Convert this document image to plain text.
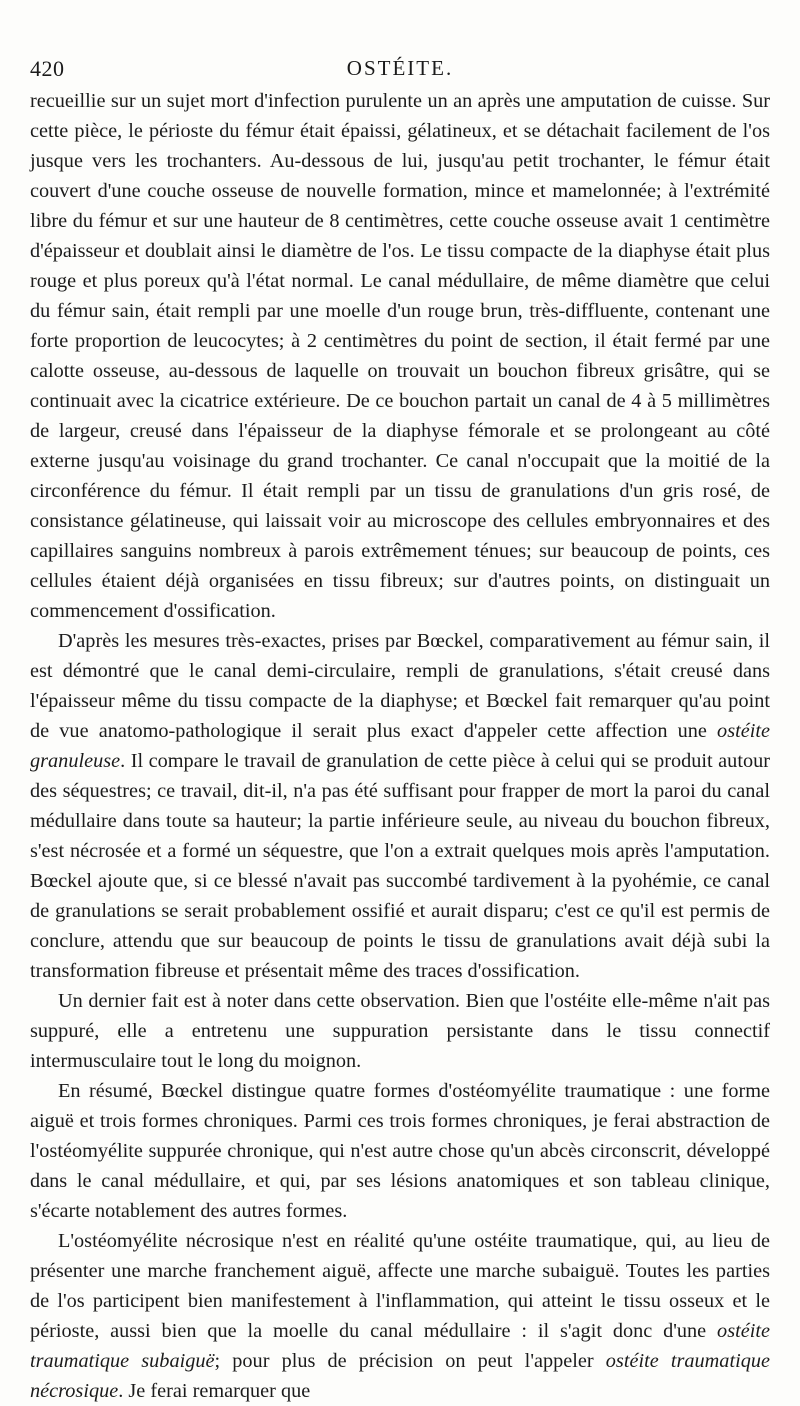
420	OSTÉITE.

recueillie sur un sujet mort d'infection purulente un an après une amputation de cuisse. Sur cette pièce, le périoste du fémur était épaissi, gélatineux, et se détachait facilement de l'os jusque vers les trochanters. Au-dessous de lui, jusqu'au petit trochanter, le fémur était couvert d'une couche osseuse de nouvelle formation, mince et mamelonnée; à l'extrémité libre du fémur et sur une hauteur de 8 centimètres, cette couche osseuse avait 1 centimètre d'épaisseur et doublait ainsi le diamètre de l'os. Le tissu compacte de la diaphyse était plus rouge et plus poreux qu'à l'état normal. Le canal médullaire, de même diamètre que celui du fémur sain, était rempli par une moelle d'un rouge brun, très-diffluente, contenant une forte proportion de leucocytes; à 2 centimètres du point de section, il était fermé par une calotte osseuse, au-dessous de laquelle on trouvait un bouchon fibreux grisâtre, qui se continuait avec la cicatrice extérieure. De ce bouchon partait un canal de 4 à 5 millimètres de largeur, creusé dans l'épaisseur de la diaphyse fémorale et se prolongeant au côté externe jusqu'au voisinage du grand trochanter. Ce canal n'occupait que la moitié de la circonférence du fémur. Il était rempli par un tissu de granulations d'un gris rosé, de consistance gélatineuse, qui laissait voir au microscope des cellules embryonnaires et des capillaires sanguins nombreux à parois extrêmement ténues; sur beaucoup de points, ces cellules étaient déjà organisées en tissu fibreux; sur d'autres points, on distinguait un commencement d'ossification.

D'après les mesures très-exactes, prises par Bœckel, comparativement au fémur sain, il est démontré que le canal demi-circulaire, rempli de granulations, s'était creusé dans l'épaisseur même du tissu compacte de la diaphyse; et Bœckel fait remarquer qu'au point de vue anatomo-pathologique il serait plus exact d'appeler cette affection une ostéite granuleuse. Il compare le travail de granulation de cette pièce à celui qui se produit autour des séquestres; ce travail, dit-il, n'a pas été suffisant pour frapper de mort la paroi du canal médullaire dans toute sa hauteur; la partie inférieure seule, au niveau du bouchon fibreux, s'est nécrosée et a formé un séquestre, que l'on a extrait quelques mois après l'amputation. Bœckel ajoute que, si ce blessé n'avait pas succombé tardivement à la pyohémie, ce canal de granulations se serait probablement ossifié et aurait disparu; c'est ce qu'il est permis de conclure, attendu que sur beaucoup de points le tissu de granulations avait déjà subi la transformation fibreuse et présentait même des traces d'ossification.

Un dernier fait est à noter dans cette observation. Bien que l'ostéite elle-même n'ait pas suppuré, elle a entretenu une suppuration persistante dans le tissu connectif intermusculaire tout le long du moignon.

En résumé, Bœckel distingue quatre formes d'ostéomyélite traumatique : une forme aiguë et trois formes chroniques. Parmi ces trois formes chroniques, je ferai abstraction de l'ostéomyélite suppurée chronique, qui n'est autre chose qu'un abcès circonscrit, développé dans le canal médullaire, et qui, par ses lésions anatomiques et son tableau clinique, s'écarte notablement des autres formes.

L'ostéomyélite nécrosique n'est en réalité qu'une ostéite traumatique, qui, au lieu de présenter une marche franchement aiguë, affecte une marche subaiguë. Toutes les parties de l'os participent bien manifestement à l'inflammation, qui atteint le tissu osseux et le périoste, aussi bien que la moelle du canal médullaire : il s'agit donc d'une ostéite traumatique subaiguë; pour plus de précision on peut l'appeler ostéite traumatique nécrosique. Je ferai remarquer que
